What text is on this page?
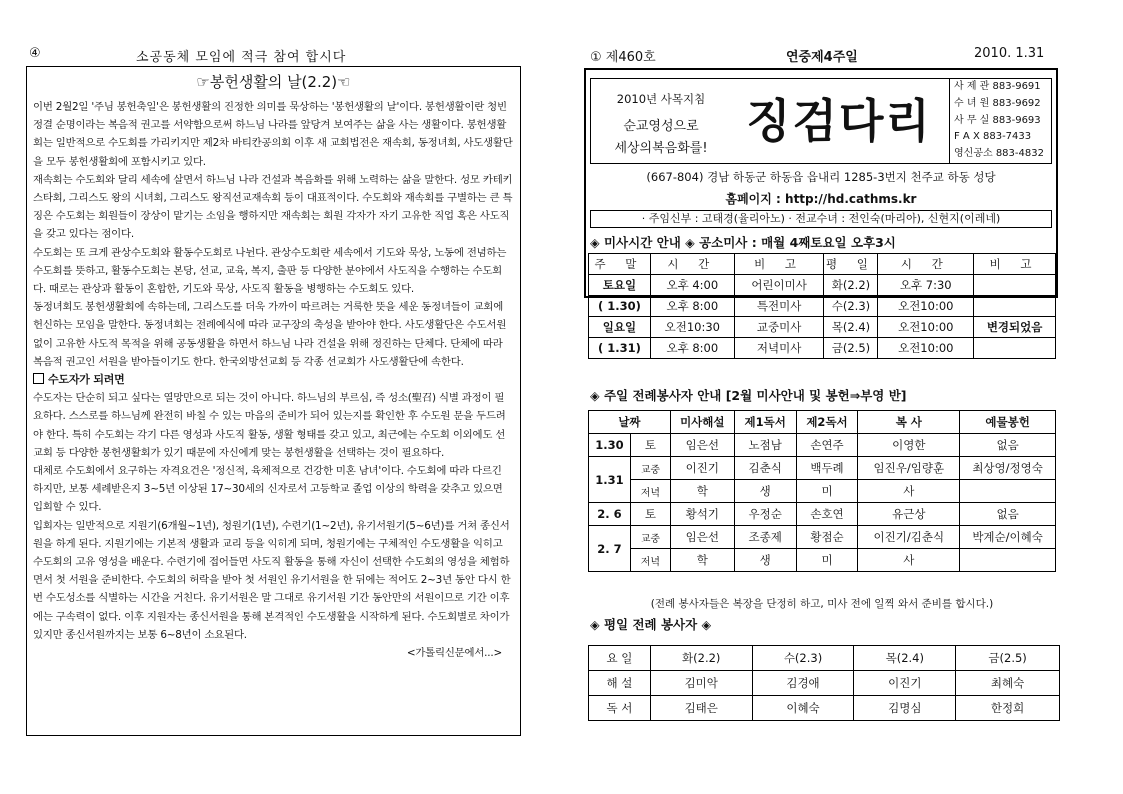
④	소공동체 모임에 적극 참여 합시다
☞봉헌생활의 날(2.2)☜

이번 2월2일 '주님 봉헌축일'은 봉헌생활의 진정한 의미를 묵상하는 '봉헌생활의 날'이다. 봉헌생활이란 청빈 정결 순명이라는 복음적 권고를 서약함으로써 하느님 나라를 앞당겨 보여주는 삶을 사는 생활이다. 봉헌생활회는 일반적으로 수도회를 가리키지만 제2차 바티칸공의회 이후 새 교회법전은 재속회, 동정녀회, 사도생활단을 모두 봉헌생활회에 포함시키고 있다.

재속회는 수도회와 달리 세속에 살면서 하느님 나라 건설과 복음화를 위해 노력하는 삶을 말한다. 성모 카테키스타회, 그리스도 왕의 시녀회, 그리스도 왕직선교재속회 등이 대표적이다. 수도회와 재속회를 구별하는 큰 특징은 수도회는 회원들이 장상이 맡기는 소임을 행하지만 재속회는 회원 각자가 자기 고유한 직업 혹은 사도직을 갖고 있다는 점이다.

수도회는 또 크게 관상수도회와 활동수도회로 나뉜다. 관상수도회란 세속에서 기도와 묵상, 노동에 전념하는 수도회를 뜻하고, 활동수도회는 본당, 선교, 교육, 복지, 출판 등 다양한 분야에서 사도직을 수행하는 수도회다. 때로는 관상과 활동이 혼합한, 기도와 묵상, 사도직 활동을 병행하는 수도회도 있다.

동정녀회도 봉헌생활회에 속하는데, 그리스도를 더욱 가까이 따르려는 거룩한 뜻을 세운 동정녀들이 교회에 헌신하는 모임을 말한다. 동정녀회는 전례예식에 따라 교구장의 축성을 받아야 한다. 사도생활단은 수도서원 없이 고유한 사도적 목적을 위해 공동생활을 하면서 하느님 나라 건설을 위해 정진하는 단체다. 단체에 따라 복음적 권고인 서원을 받아들이기도 한다. 한국외방선교회 등 각종 선교회가 사도생활단에 속한다.

수도자가 되려면

수도자는 단순히 되고 싶다는 열망만으로 되는 것이 아니다. 하느님의 부르심, 즉 성소(聖召) 식별 과정이 필요하다. 스스로를 하느님께 완전히 바칠 수 있는 마음의 준비가 되어 있는지를 확인한 후 수도원 문을 두드려야 한다. 특히 수도회는 각기 다른 영성과 사도직 활동, 생활 형태를 갖고 있고, 최근에는 수도회 이외에도 선교회 등 다양한 봉헌생활회가 있기 때문에 자신에게 맞는 봉헌생활을 선택하는 것이 필요하다.

대체로 수도회에서 요구하는 자격요건은 '정신적, 육체적으로 건강한 미혼 남녀'이다. 수도회에 따라 다르긴 하지만, 보통 세례받은지 3~5년 이상된 17~30세의 신자로서 고등학교 졸업 이상의 학력을 갖추고 있으면 입회할 수 있다.

입회자는 일반적으로 지원기(6개월~1년), 청원기(1년), 수련기(1~2년), 유기서원기(5~6년)를 거쳐 종신서원을 하게 된다. 지원기에는 기본적 생활과 교리 등을 익히게 되며, 청원기에는 구체적인 수도생활을 익히고 수도회의 고유 영성을 배운다. 수련기에 접어들면 사도직 활동을 통해 자신이 선택한 수도회의 영성을 체험하면서 첫 서원을 준비한다. 수도회의 허락을 받아 첫 서원인 유기서원을 한 뒤에는 적어도 2~3년 동안 다시 한번 수도성소를 식별하는 시간을 거친다. 유기서원은 말 그대로 유기서원 기간 동안만의 서원이므로 기간 이후에는 구속력이 없다. 이후 지원자는 종신서원을 통해 본격적인 수도생활을 시작하게 된다. 수도회별로 차이가 있지만 종신서원까지는 보통 6~8년이 소요된다.

<가톨릭신문에서...>

① 제460호	연중제4주일	2010. 1.31
2010년 사목지침
순교영성으로
세상의복음화를!
징검다리
사 제 관 883-9691
수 녀 원 883-9692
사 무 실 883-9693
F A X 883-7433
영신공소 883-4832
(667-804) 경남 하동군 하동읍 읍내리 1285-3번지 천주교 하동 성당
홈페이지 : http://hd.cathms.kr
· 주임신부 : 고태경(율리아노) · 전교수녀 : 전인숙(마리아), 신현지(이레네)
◈ 미사시간 안내 ◈ 공소미사 : 매월 4째토요일 오후3시
주 말	시 간	비 고	평 일	시 간	비 고
토요일	오후 4:00	어린이미사	화(2.2)	오후 7:30	
( 1.30)	오후 8:00	특전미사	수(2.3)	오전10:00	
일요일	오전10:30	교중미사	목(2.4)	오전10:00	변경되었음
( 1.31)	오후 8:00	저녁미사	금(2.5)	오전10:00	
◈ 주일 전례봉사자 안내 [2월 미사안내 및 봉헌⇒부영 반]
날짜		미사해설	제1독서	제2독서	복 사	예물봉헌
1.30	토	임은선	노점남	손연주	이영한	없음
1.31	교중	이진기	김춘식	백두례	임진우/임량훈	최상영/정영숙
	저녁	학	생	미	사	
2. 6	토	황석기	우정순	손호연	유근상	없음
2. 7	교중	임은선	조종제	황점순	이진기/김춘식	박계순/이혜숙
	저녁	학	생	미	사	
(전례 봉사자들은 복장을 단정히 하고, 미사 전에 일찍 와서 준비를 합시다.)
◈ 평일 전례 봉사자 ◈
요 일	화(2.2)	수(2.3)	목(2.4)	금(2.5)
해 설	김미악	김경애	이진기	최혜숙
독 서	김태은	이혜숙	김명심	한정희
